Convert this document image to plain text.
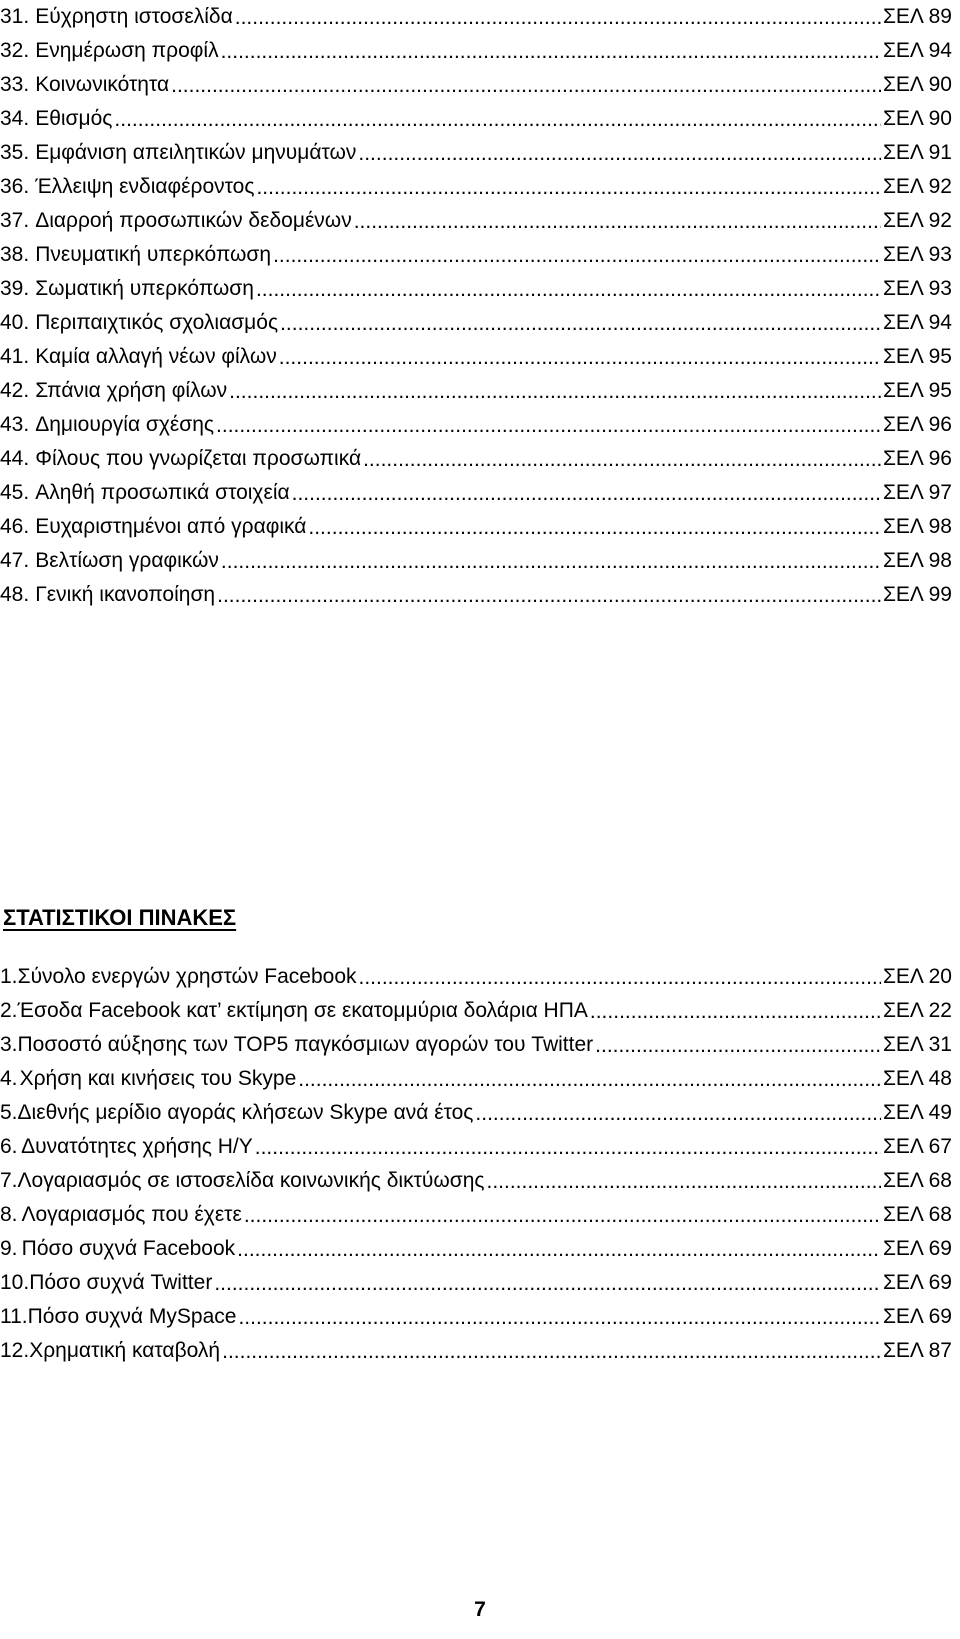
31. Εύχρηστη ιστοσελίδα .....	ΣΕΛ 89
32. Ενημέρωση προφίλ .....	ΣΕΛ 94
33. Κοινωνικότητα .....	ΣΕΛ 90
34. Εθισμός .....	ΣΕΛ 90
35. Εμφάνιση απειλητικών μηνυμάτων .....	ΣΕΛ 91
36. Έλλειψη ενδιαφέροντος .....	ΣΕΛ 92
37. Διαρροή προσωπικών δεδομένων .....	ΣΕΛ 92
38. Πνευματική υπερκόπωση .....	ΣΕΛ 93
39. Σωματική υπερκόπωση .....	ΣΕΛ 93
40. Περιπαιχτικός σχολιασμός .....	ΣΕΛ 94
41. Καμία αλλαγή νέων φίλων .....	ΣΕΛ 95
42. Σπάνια χρήση φίλων .....	ΣΕΛ 95
43. Δημιουργία σχέσης .....	ΣΕΛ 96
44. Φίλους που γνωρίζεται προσωπικά .....	ΣΕΛ 96
45. Αληθή προσωπικά στοιχεία .....	ΣΕΛ 97
46. Ευχαριστημένοι από γραφικά .....	ΣΕΛ 98
47. Βελτίωση γραφικών .....	ΣΕΛ 98
48. Γενική ικανοποίηση .....	ΣΕΛ 99
ΣΤΑΤΙΣΤΙΚΟΙ ΠΙΝΑΚΕΣ
1. Σύνολο ενεργών χρηστών Facebook .....	ΣΕΛ 20
2. Έσοδα Facebook κατ’ εκτίμηση σε εκατομμύρια δολάρια ΗΠΑ .....	ΣΕΛ 22
3. Ποσοστό αύξησης των TOP5 παγκόσμιων αγορών του Twitter .....	ΣΕΛ 31
4. Χρήση και κινήσεις του Skype .....	ΣΕΛ 48
5. Διεθνής μερίδιο αγοράς κλήσεων Skype ανά έτος .....	ΣΕΛ 49
6. Δυνατότητες χρήσης Η/Υ .....	ΣΕΛ 67
7. Λογαριασμός σε ιστοσελίδα κοινωνικής δικτύωσης .....	ΣΕΛ 68
8. Λογαριασμός που έχετε .....	ΣΕΛ 68
9. Πόσο συχνά Facebook .....	ΣΕΛ 69
10. Πόσο συχνά Twitter .....	ΣΕΛ 69
11. Πόσο συχνά MySpace .....	ΣΕΛ 69
12. Χρηματική καταβολή .....	ΣΕΛ 87
7
